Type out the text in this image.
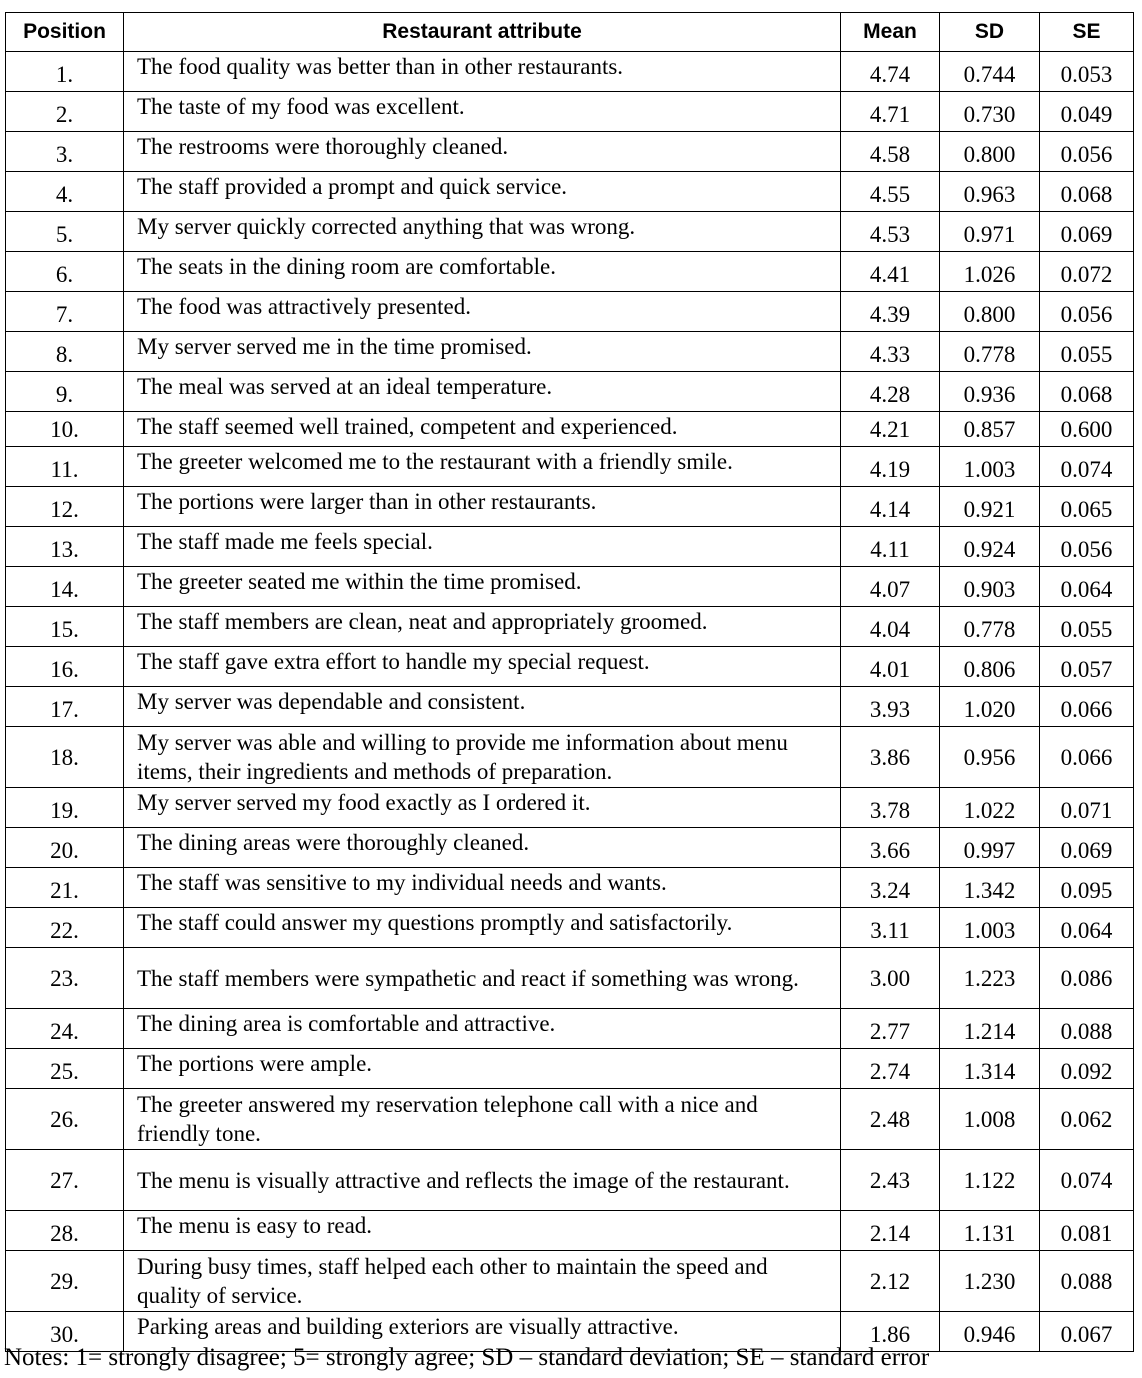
Position	Restaurant attribute	Mean	SD	SE
1.	The food quality was better than in other restaurants.	4.74	0.744	0.053
2.	The taste of my food was excellent.	4.71	0.730	0.049
3.	The restrooms were thoroughly cleaned.	4.58	0.800	0.056
4.	The staff provided a prompt and quick service.	4.55	0.963	0.068
5.	My server quickly corrected anything that was wrong.	4.53	0.971	0.069
6.	The seats in the dining room are comfortable.	4.41	1.026	0.072
7.	The food was attractively presented.	4.39	0.800	0.056
8.	My server served me in the time promised.	4.33	0.778	0.055
9.	The meal was served at an ideal temperature.	4.28	0.936	0.068
10.	The staff seemed well trained, competent and experienced.	4.21	0.857	0.600
11.	The greeter welcomed me to the restaurant with a friendly smile.	4.19	1.003	0.074
12.	The portions were larger than in other restaurants.	4.14	0.921	0.065
13.	The staff made me feels special.	4.11	0.924	0.056
14.	The greeter seated me within the time promised.	4.07	0.903	0.064
15.	The staff members are clean, neat and appropriately groomed.	4.04	0.778	0.055
16.	The staff gave extra effort to handle my special request.	4.01	0.806	0.057
17.	My server was dependable and consistent.	3.93	1.020	0.066
18.	My server was able and willing to provide me information about menu items, their ingredients and methods of preparation.	3.86	0.956	0.066
19.	My server served my food exactly as I ordered it.	3.78	1.022	0.071
20.	The dining areas were thoroughly cleaned.	3.66	0.997	0.069
21.	The staff was sensitive to my individual needs and wants.	3.24	1.342	0.095
22.	The staff could answer my questions promptly and satisfactorily.	3.11	1.003	0.064
23.	The staff members were sympathetic and react if something was wrong.	3.00	1.223	0.086
24.	The dining area is comfortable and attractive.	2.77	1.214	0.088
25.	The portions were ample.	2.74	1.314	0.092
26.	The greeter answered my reservation telephone call with a nice and friendly tone.	2.48	1.008	0.062
27.	The menu is visually attractive and reflects the image of the restaurant.	2.43	1.122	0.074
28.	The menu is easy to read.	2.14	1.131	0.081
29.	During busy times, staff helped each other to maintain the speed and quality of service.	2.12	1.230	0.088
30.	Parking areas and building exteriors are visually attractive.	1.86	0.946	0.067
Notes: 1= strongly disagree; 5= strongly agree; SD – standard deviation; SE – standard error
